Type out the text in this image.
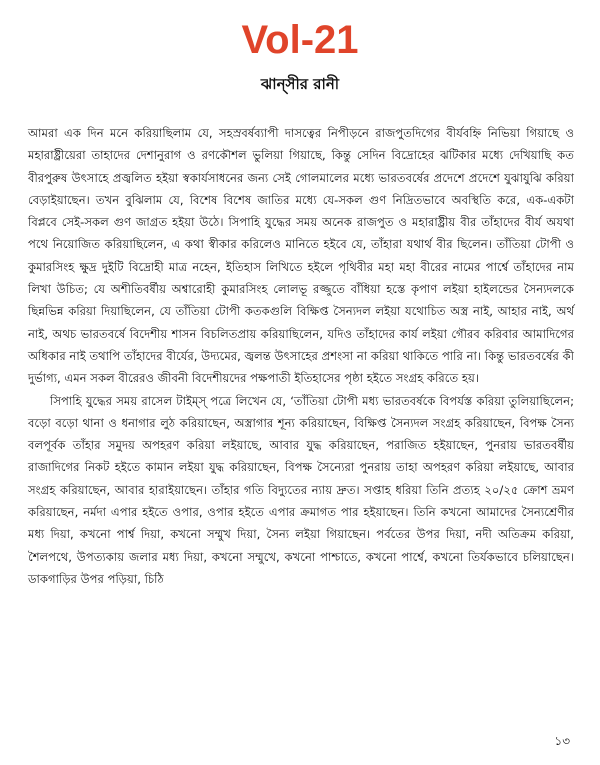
Vol-21
ঝান্‌সীর রানী

আমরা এক দিন মনে করিয়াছিলাম যে, সহস্রবর্ষব্যাপী দাসত্বের নিপীড়নে রাজপুতদিগের বীর্যবহ্নি নিভিয়া গিয়াছে ও মহারাষ্ট্রীয়েরা তাহাদের দেশানুরাগ ও রণকৌশল ভুলিয়া গিয়াছে, কিন্তু সেদিন বিদ্রোহের ঝটিকার মধ্যে দেখিয়াছি কত বীরপুরুষ উৎসাহে প্রজ্বলিত হইয়া স্বকার্যসাধনের জন্য সেই গোলমালের মধ্যে ভারতবর্ষের প্রদেশে প্রদেশে যুঝাযুঝি করিয়া বেড়াইয়াছেন। তখন বুঝিলাম যে, বিশেষ বিশেষ জাতির মধ্যে যে-সকল গুণ নিদ্রিতভাবে অবস্থিতি করে, এক-একটা বিপ্লবে সেই-সকল গুণ জাগ্রত হইয়া উঠে। সিপাহি যুদ্ধের সময় অনেক রাজপুত ও মহারাষ্ট্রীয় বীর তাঁহাদের বীর্য অযথা পথে নিয়োজিত করিয়াছিলেন, এ কথা স্বীকার করিলেও মানিতে হইবে যে, তাঁহারা যথার্থ বীর ছিলেন। তাঁতিয়া টোপী ও কুমারসিংহ ক্ষুদ্র দুইটি বিদ্রোহী মাত্র নহেন, ইতিহাস লিখিতে হইলে পৃথিবীর মহা মহা বীরের নামের পার্শ্বে তাঁহাদের নাম লিখা উচিত; যে অশীতিবর্ষীয় অশ্বারোহী কুমারসিংহ লোলভূ রজ্জুতে বাঁধিয়া হস্তে কৃপাণ লইয়া হাইলন্ডের সৈন্যদলকে ছিন্নভিন্ন করিয়া দিয়াছিলেন, যে তাঁতিয়া টোপী কতকগুলি বিক্ষিপ্ত সৈন্যদল লইয়া যথোচিত অস্ত্র নাই, আহার নাই, অর্থ নাই, অথচ ভারতবর্ষে বিদেশীয় শাসন বিচলিতপ্রায় করিয়াছিলেন, যদিও তাঁহাদের কার্য লইয়া গৌরব করিবার আমাদিগের অধিকার নাই তথাপি তাঁহাদের বীর্যের, উদ্যমের, জ্বলন্ত উৎসাহের প্রশংসা না করিয়া থাকিতে পারি না। কিন্তু ভারতবর্ষের কী দুর্ভাগ্য, এমন সকল বীরেরও জীবনী বিদেশীয়দের পক্ষপাতী ইতিহাসের পৃষ্ঠা হইতে সংগ্রহ করিতে হয়।

সিপাহি যুদ্ধের সময় রাসেল টাইম্‌স্‌ পত্রে লিখেন যে, ‘তাঁতিয়া টোপী মধ্য ভারতবর্ষকে বিপর্যস্ত করিয়া তুলিয়াছিলেন; বড়ো বড়ো থানা ও ধনাগার লুঠ করিয়াছেন, অস্ত্রাগার শূন্য করিয়াছেন, বিক্ষিপ্ত সৈন্যদল সংগ্রহ করিয়াছেন, বিপক্ষ সৈন্য বলপূর্বক তাঁহার সমুদয় অপহরণ করিয়া লইয়াছে, আবার যুদ্ধ করিয়াছেন, পরাজিত হইয়াছেন, পুনরায় ভারতবর্ষীয় রাজাদিগের নিকট হইতে কামান লইয়া যুদ্ধ করিয়াছেন, বিপক্ষ সৈন্যেরা পুনরায় তাহা অপহরণ করিয়া লইয়াছে, আবার সংগ্রহ করিয়াছেন, আবার হারাইয়াছেন। তাঁহার গতি বিদ্যুতের ন্যায় দ্রুত। সপ্তাহ ধরিয়া তিনি প্রত্যহ ২০/২৫ ক্রোশ ভ্রমণ করিয়াছেন, নর্মদা এপার হইতে ওপার, ওপার হইতে এপার ক্রমাগত পার হইয়াছেন। তিনি কখনো আমাদের সৈন্যশ্রেণীর মধ্য দিয়া, কখনো পার্শ্ব দিয়া, কখনো সম্মুখ দিয়া, সৈন্য লইয়া গিয়াছেন। পর্বতের উপর দিয়া, নদী অতিক্রম করিয়া, শৈলপথে, উপত্যকায় জলার মধ্য দিয়া, কখনো সম্মুখে, কখনো পাশ্চাতে, কখনো পার্শ্বে, কখনো তির্যকভাবে চলিয়াছেন। ডাকগাড়ির উপর পড়িয়া, চিঠি

১৩
